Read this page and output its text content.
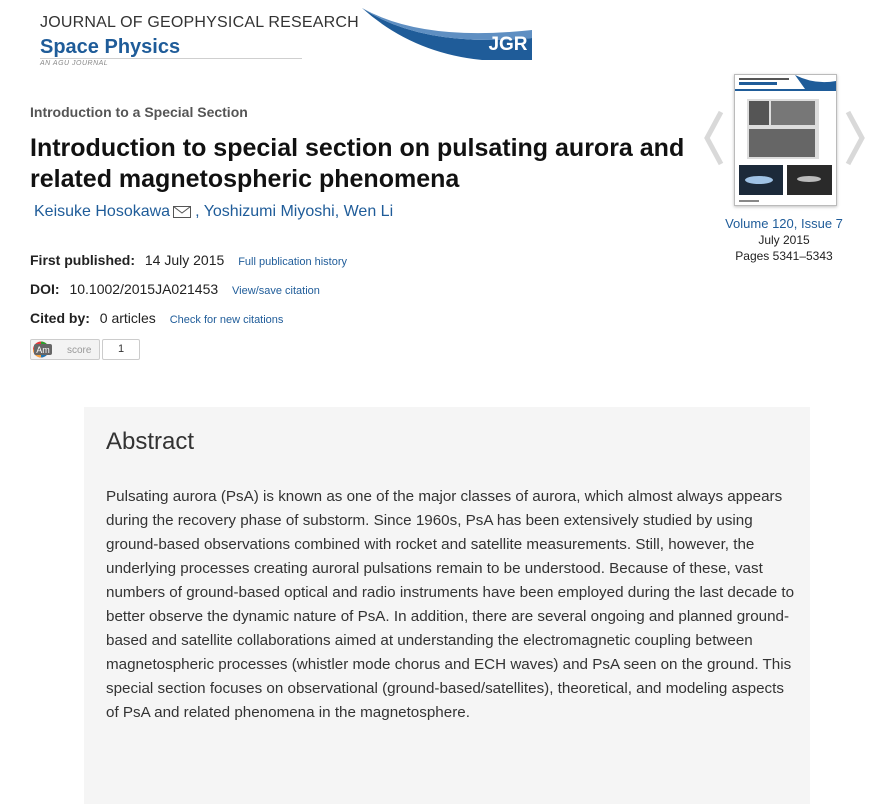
JOURNAL OF GEOPHYSICAL RESEARCH
Space Physics
AN AGU JOURNAL
JGR
Introduction to a Special Section
Introduction to special section on pulsating aurora and related magnetospheric phenomena
Keisuke Hosokawa , Yoshizumi Miyoshi, Wen Li
First published: 14 July 2015 Full publication history
DOI: 10.1002/2015JA021453 View/save citation
Cited by: 0 articles Check for new citations
Am score	1
Volume 120, Issue 7
July 2015
Pages 5341–5343
Abstract
Pulsating aurora (PsA) is known as one of the major classes of aurora, which almost always appears during the recovery phase of substorm. Since 1960s, PsA has been extensively studied by using ground-based observations combined with rocket and satellite measurements. Still, however, the underlying processes creating auroral pulsations remain to be understood. Because of these, vast numbers of ground-based optical and radio instruments have been employed during the last decade to better observe the dynamic nature of PsA. In addition, there are several ongoing and planned ground-based and satellite collaborations aimed at understanding the electromagnetic coupling between magnetospheric processes (whistler mode chorus and ECH waves) and PsA seen on the ground. This special section focuses on observational (ground-based/satellites), theoretical, and modeling aspects of PsA and related phenomena in the magnetosphere.
